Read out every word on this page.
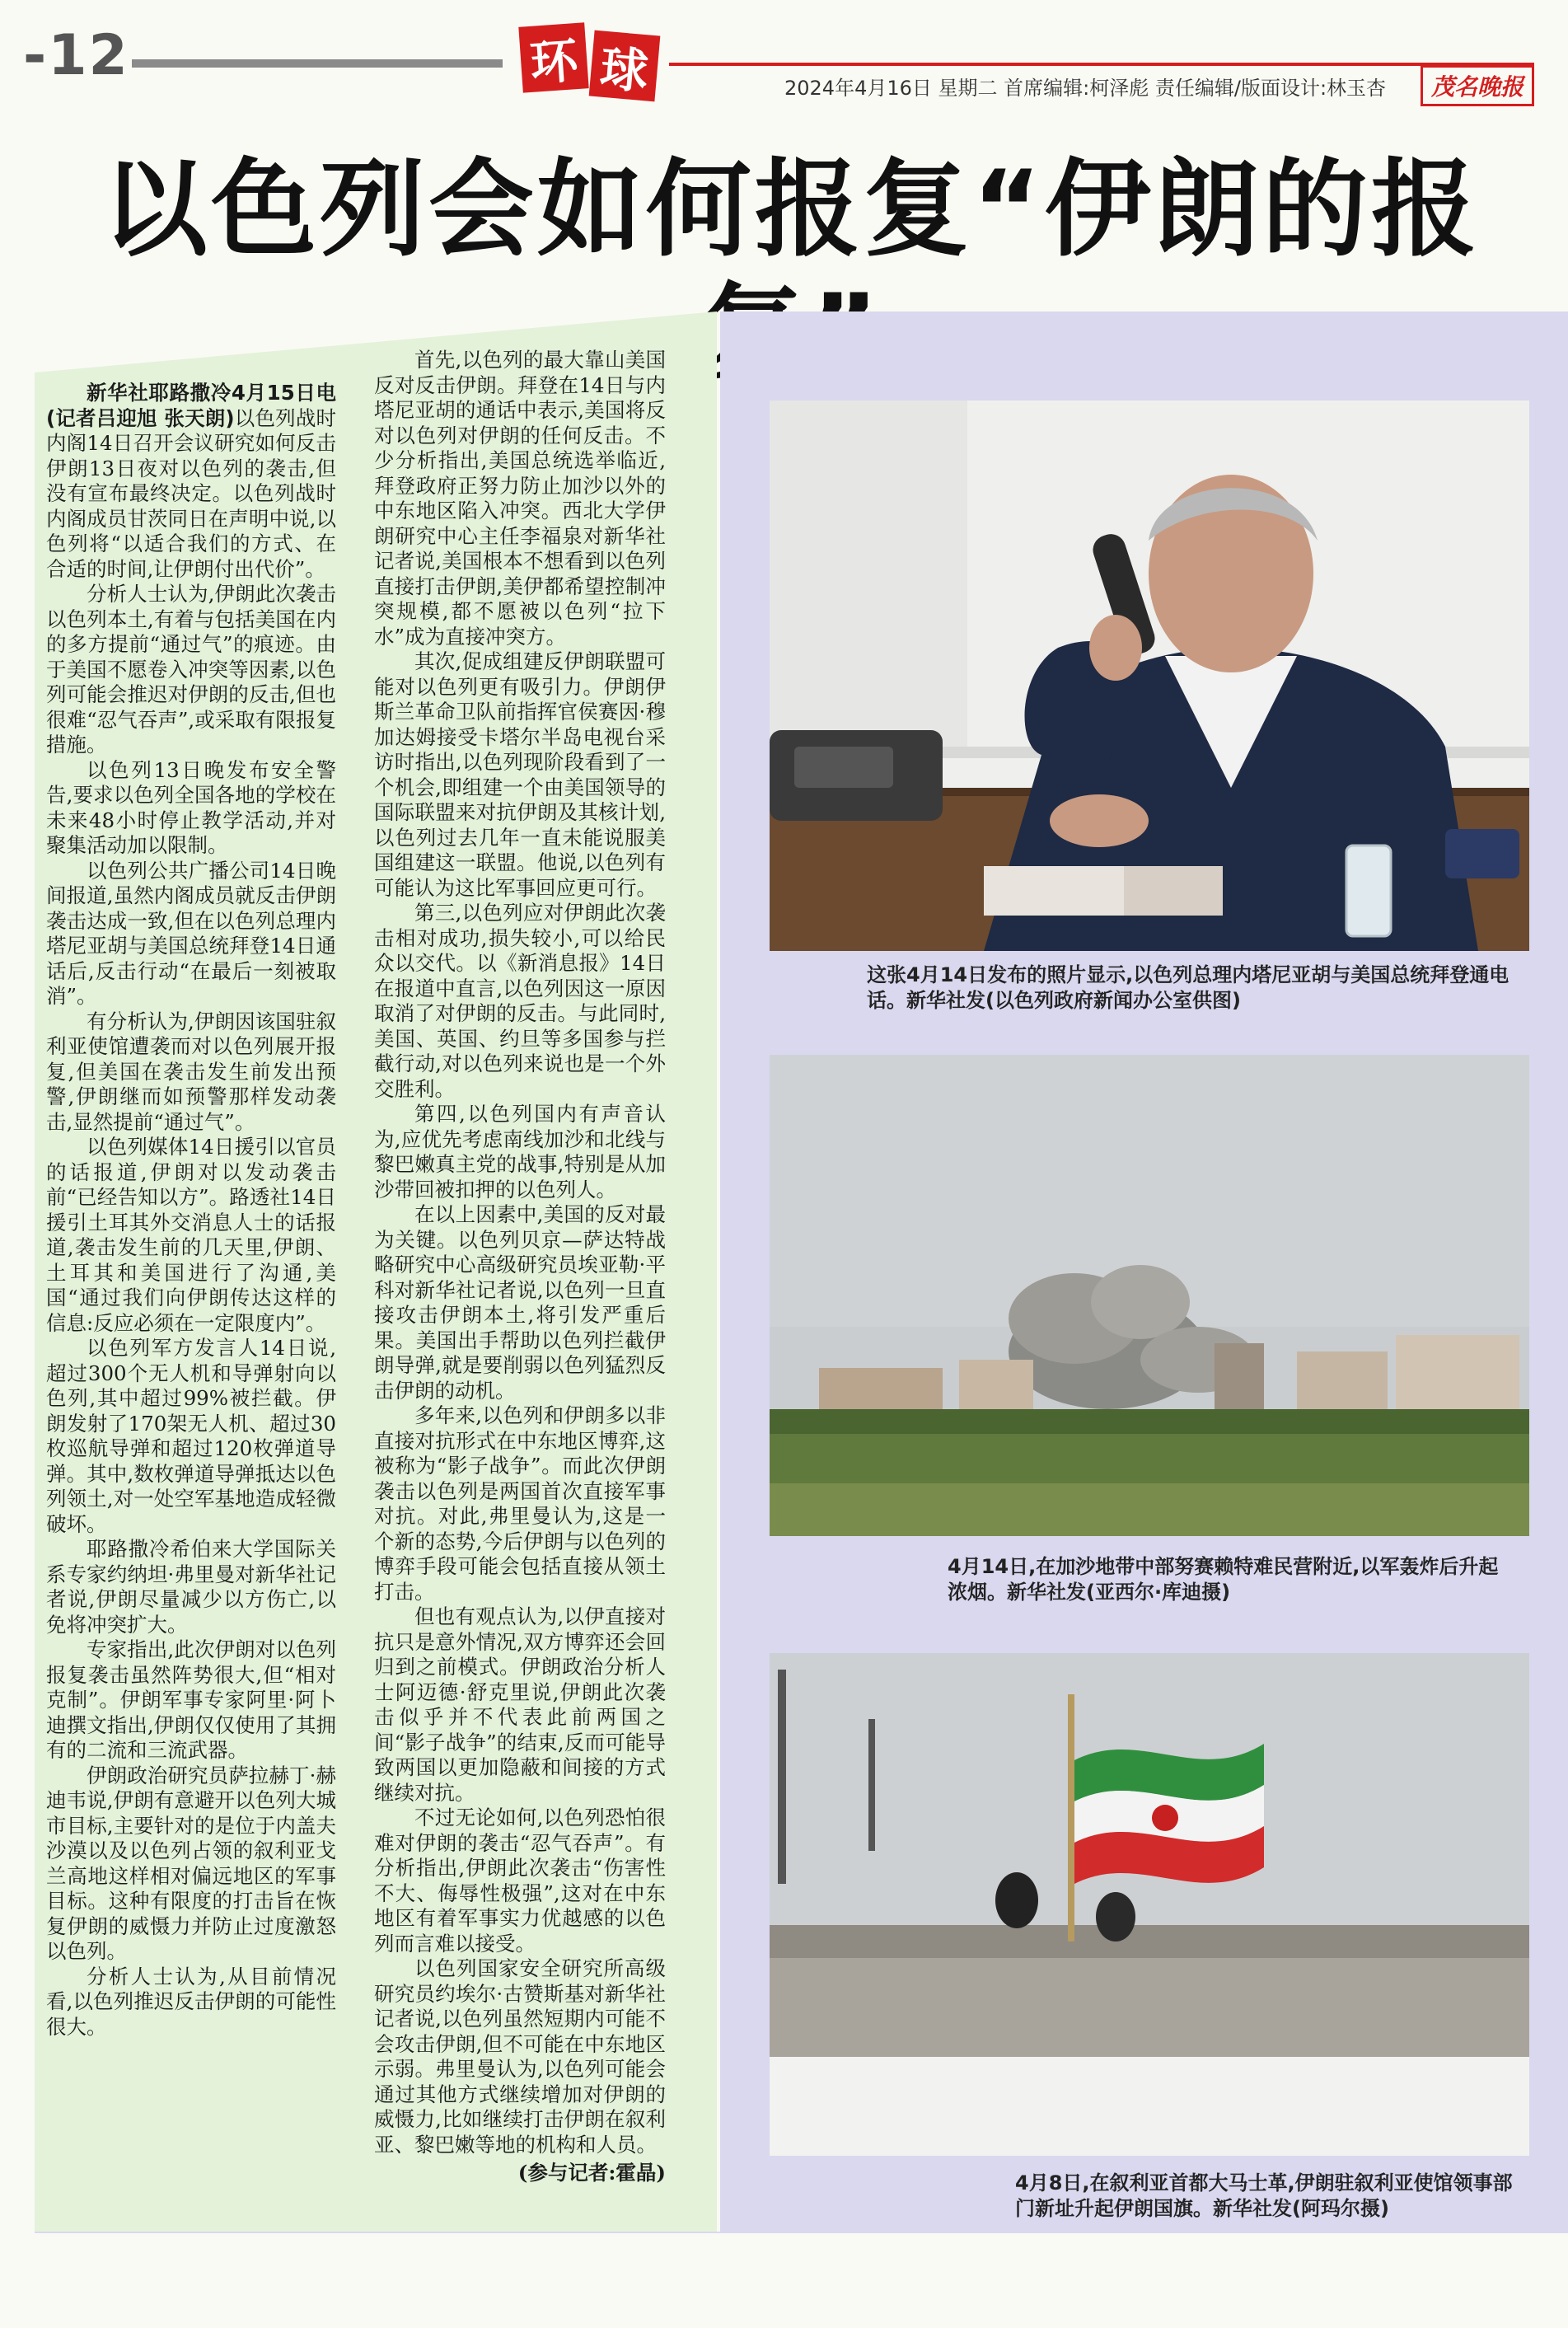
-12	环 球	2024年4月16日 星期二 首席编辑:柯泽彪 责任编辑/版面设计:林玉杏	茂名晚报
以色列会如何报复“伊朗的报

新华社耶路撒冷4月15日电(记者吕迎旭 张天朗)以色列战时内阁14日召开会议研究如何反击伊朗13日夜对以色列的袭击,但没有宣布最终决定。以色列战时内阁成员甘茨同日在声明中说,以色列将“以适合我们的方式、在合适的时间,让伊朗付出代价”。

分析人士认为,伊朗此次袭击以色列本土,有着与包括美国在内的多方提前“通过气”的痕迹。由于美国不愿卷入冲突等因素,以色列可能会推迟对伊朗的反击,但也很难“忍气吞声”,或采取有限报复措施。

以色列13日晚发布安全警告,要求以色列全国各地的学校在未来48小时停止教学活动,并对聚集活动加以限制。

以色列公共广播公司14日晚间报道,虽然内阁成员就反击伊朗袭击达成一致,但在以色列总理内塔尼亚胡与美国总统拜登14日通话后,反击行动“在最后一刻被取消”。

有分析认为,伊朗因该国驻叙利亚使馆遭袭而对以色列展开报复,但美国在袭击发生前发出预警,伊朗继而如预警那样发动袭击,显然提前“通过气”。

以色列媒体14日援引以官员的话报道,伊朗对以发动袭击前“已经告知以方”。路透社14日援引土耳其外交消息人士的话报道,袭击发生前的几天里,伊朗、土耳其和美国进行了沟通,美国“通过我们向伊朗传达这样的信息:反应必须在一定限度内”。

以色列军方发言人14日说,超过300个无人机和导弹射向以色列,其中超过99%被拦截。伊朗发射了170架无人机、超过30枚巡航导弹和超过120枚弹道导弹。其中,数枚弹道导弹抵达以色列领土,对一处空军基地造成轻微破坏。

耶路撒冷希伯来大学国际关系专家约纳坦·弗里曼对新华社记者说,伊朗尽量减少以方伤亡,以免将冲突扩大。

专家指出,此次伊朗对以色列报复袭击虽然阵势很大,但“相对克制”。伊朗军事专家阿里·阿卜迪撰文指出,伊朗仅仅使用了其拥有的二流和三流武器。

伊朗政治研究员萨拉赫丁·赫迪韦说,伊朗有意避开以色列大城市目标,主要针对的是位于内盖夫沙漠以及以色列占领的叙利亚戈兰高地这样相对偏远地区的军事目标。这种有限度的打击旨在恢复伊朗的威慑力并防止过度激怒以色列。

分析人士认为,从目前情况看,以色列推迟反击伊朗的可能性很大。

首先,以色列的最大靠山美国反对反击伊朗。拜登在14日与内塔尼亚胡的通话中表示,美国将反对以色列对伊朗的任何反击。不少分析指出,美国总统选举临近,拜登政府正努力防止加沙以外的中东地区陷入冲突。西北大学伊朗研究中心主任李福泉对新华社记者说,美国根本不想看到以色列直接打击伊朗,美伊都希望控制冲突规模,都不愿被以色列“拉下水”成为直接冲突方。

其次,促成组建反伊朗联盟可能对以色列更有吸引力。伊朗伊斯兰革命卫队前指挥官侯赛因·穆加达姆接受卡塔尔半岛电视台采访时指出,以色列现阶段看到了一个机会,即组建一个由美国领导的国际联盟来对抗伊朗及其核计划,以色列过去几年一直未能说服美国组建这一联盟。他说,以色列有可能认为这比军事回应更可行。

第三,以色列应对伊朗此次袭击相对成功,损失较小,可以给民众以交代。以《新消息报》14日在报道中直言,以色列因这一原因取消了对伊朗的反击。与此同时,美国、英国、约旦等多国参与拦截行动,对以色列来说也是一个外交胜利。

第四,以色列国内有声音认为,应优先考虑南线加沙和北线与黎巴嫩真主党的战事,特别是从加沙带回被扣押的以色列人。

在以上因素中,美国的反对最为关键。以色列贝京—萨达特战略研究中心高级研究员埃亚勒·平科对新华社记者说,以色列一旦直接攻击伊朗本土,将引发严重后果。美国出手帮助以色列拦截伊朗导弹,就是要削弱以色列猛烈反击伊朗的动机。

多年来,以色列和伊朗多以非直接对抗形式在中东地区博弈,这被称为“影子战争”。而此次伊朗袭击以色列是两国首次直接军事对抗。对此,弗里曼认为,这是一个新的态势,今后伊朗与以色列的博弈手段可能会包括直接从领土打击。

但也有观点认为,以伊直接对抗只是意外情况,双方博弈还会回归到之前模式。伊朗政治分析人士阿迈德·舒克里说,伊朗此次袭击似乎并不代表此前两国之间“影子战争”的结束,反而可能导致两国以更加隐蔽和间接的方式继续对抗。

不过无论如何,以色列恐怕很难对伊朗的袭击“忍气吞声”。有分析指出,伊朗此次袭击“伤害性不大、侮辱性极强”,这对在中东地区有着军事实力优越感的以色列而言难以接受。

以色列国家安全研究所高级研究员约埃尔·古赞斯基对新华社记者说,以色列虽然短期内可能不会攻击伊朗,但不可能在中东地区示弱。弗里曼认为,以色列可能会通过其他方式继续增加对伊朗的威慑力,比如继续打击伊朗在叙利亚、黎巴嫩等地的机构和人员。

(参与记者:霍晶)

这张4月14日发布的照片显示,以色列总理内塔尼亚胡与美国总统拜登通电话。新华社发(以色列政府新闻办公室供图)
4月14日,在加沙地带中部努赛赖特难民营附近,以军轰炸后升起浓烟。新华社发(亚西尔·库迪摄)
4月8日,在叙利亚首都大马士革,伊朗驻叙利亚使馆领事部门新址升起伊朗国旗。新华社发(阿玛尔摄)
